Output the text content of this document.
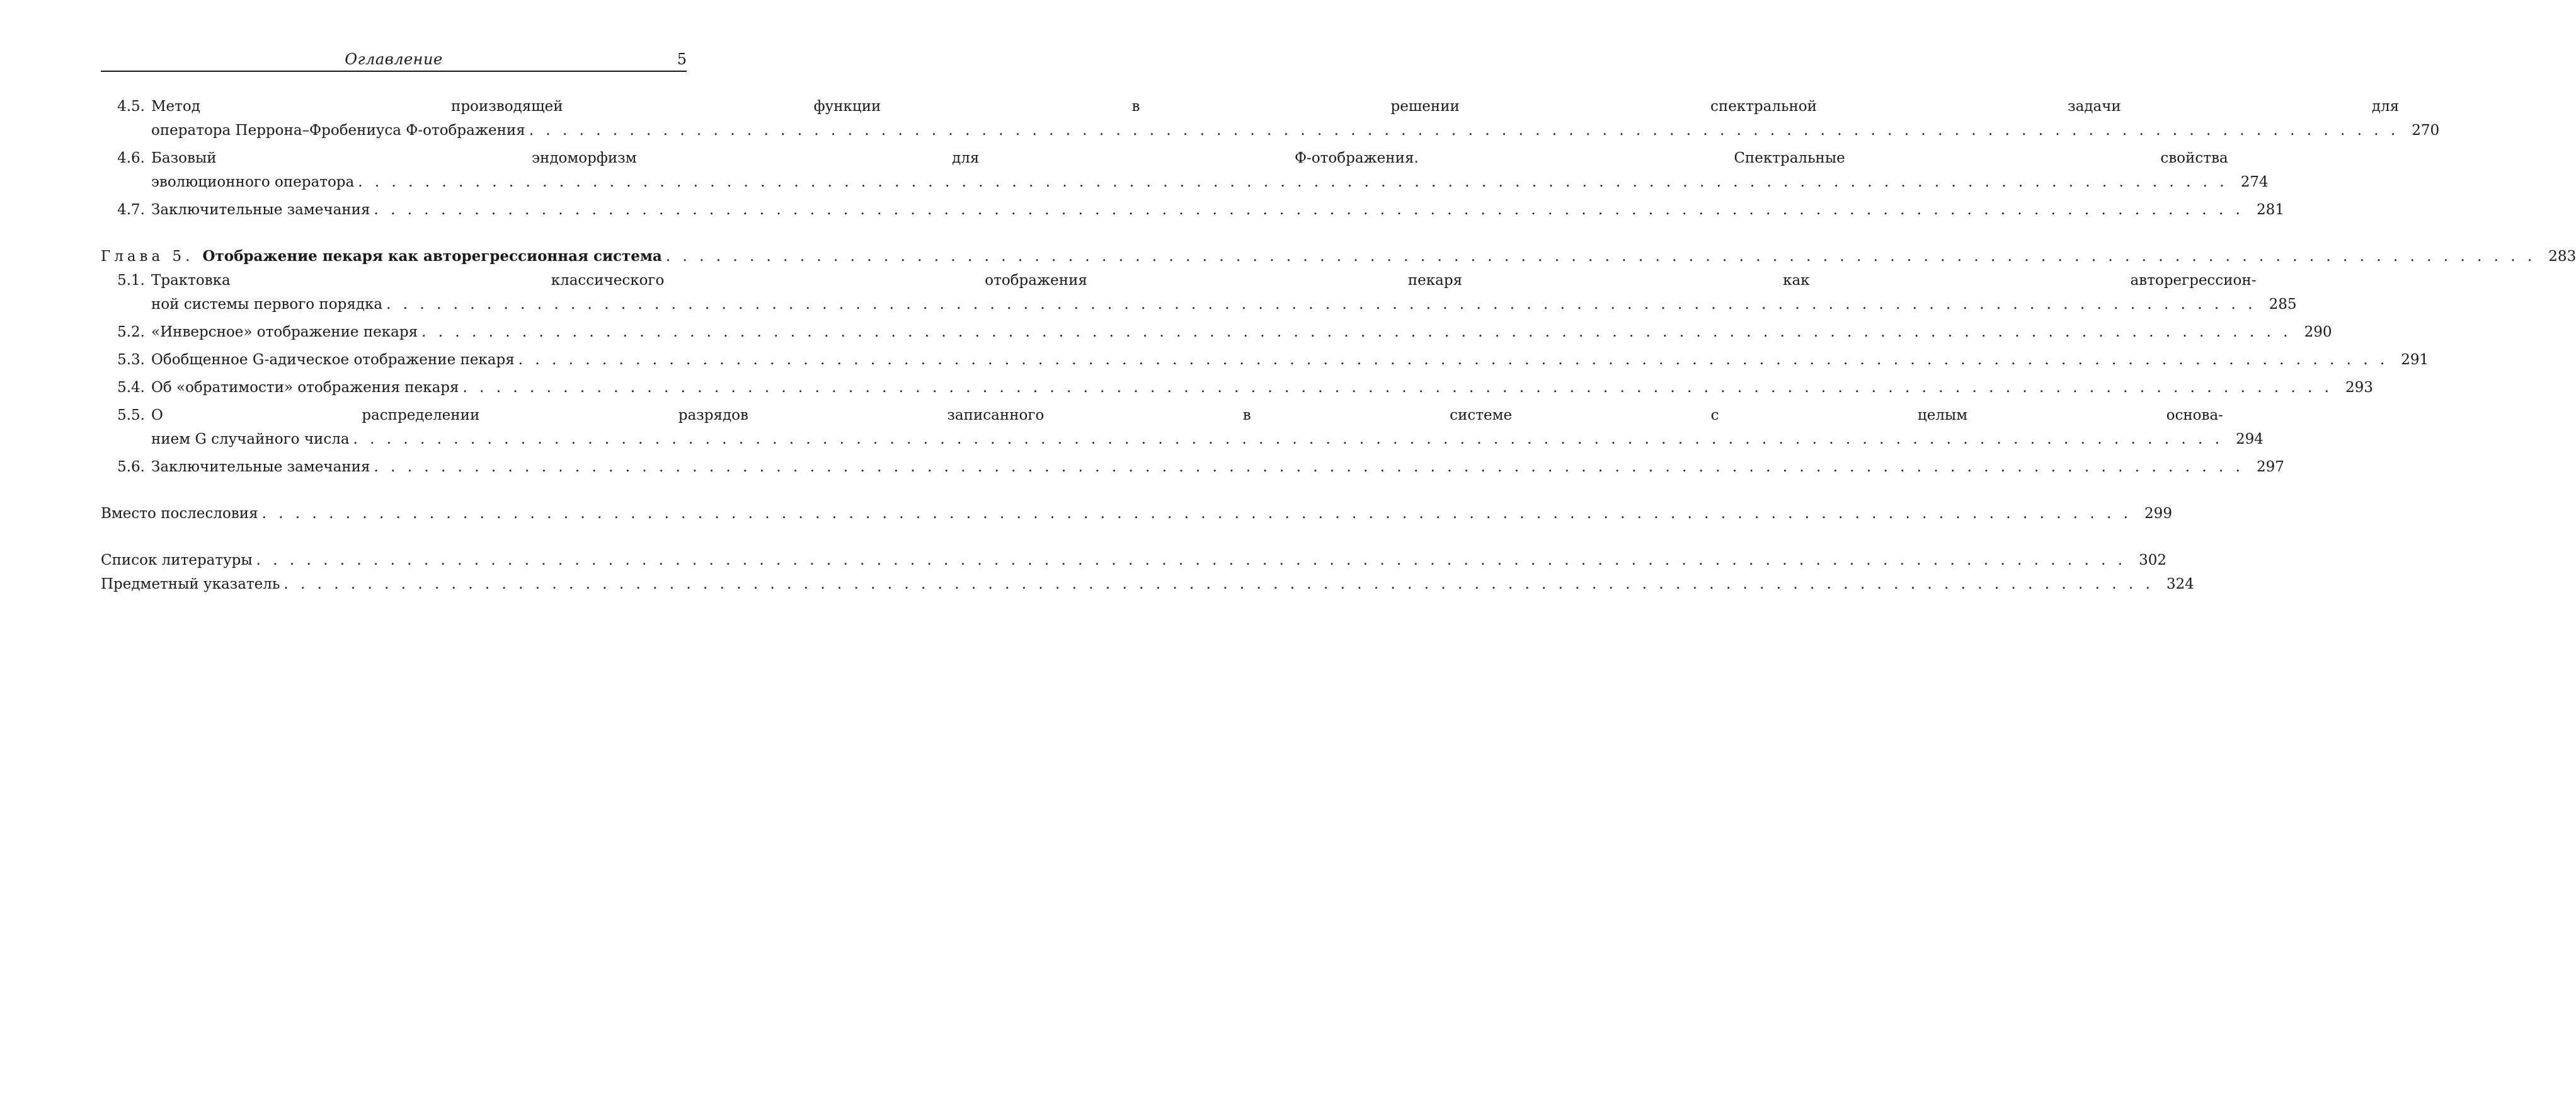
Оглавление	5
4.5. Метод производящей функции в решении спектральной задачи для
оператора Перрона–Фробениуса Ф-отображения . . .	270
4.6. Базовый эндоморфизм для Ф-отображения. Спектральные свойства
эволюционного оператора . . .	274
4.7. Заключительные замечания . . .	281
Глава 5. Отображение пекаря как авторегрессионная система . . .	283
5.1. Трактовка классического отображения пекаря как авторегрессион-
ной системы первого порядка . . .	285
5.2. «Инверсное» отображение пекаря . . .	290
5.3. Обобщенное G-адическое отображение пекаря . . .	291
5.4. Об «обратимости» отображения пекаря . . .	293
5.5. О распределении разрядов записанного в системе с целым основа-
нием G случайного числа . . .	294
5.6. Заключительные замечания . . .	297
Вместо послесловия . . .	299
Список литературы . . .	302
Предметный указатель . . .	324
